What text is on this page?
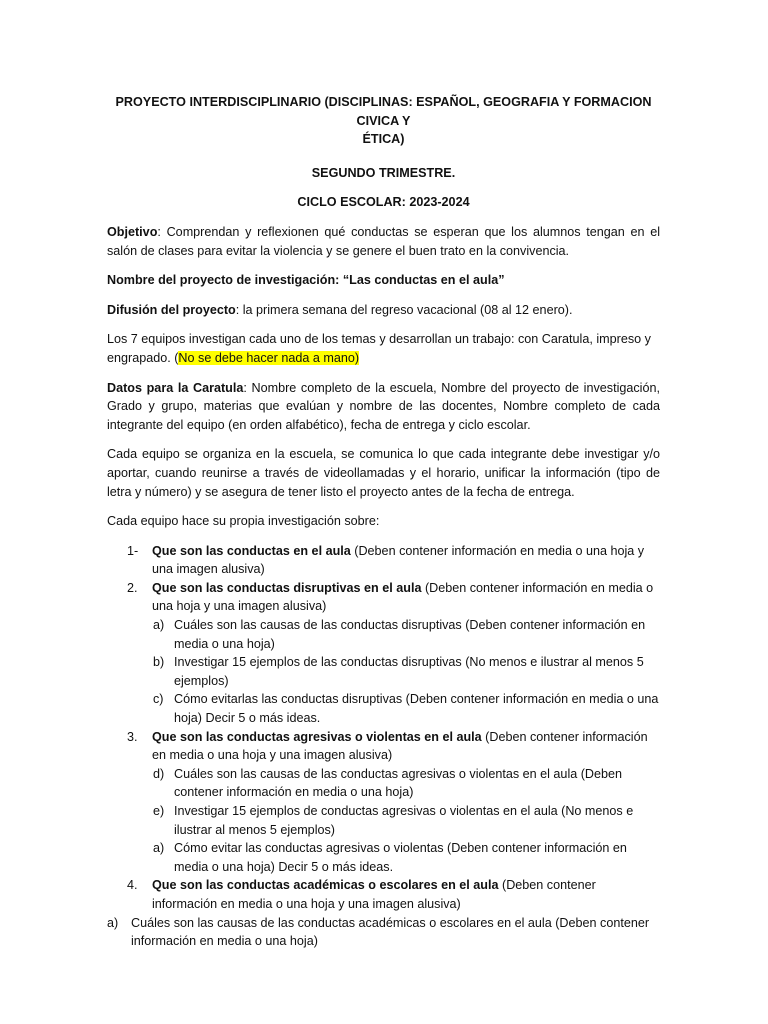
PROYECTO INTERDISCIPLINARIO (DISCIPLINAS: ESPAÑOL, GEOGRAFIA Y FORMACION CIVICA Y
ÉTICA)

SEGUNDO TRIMESTRE.

CICLO ESCOLAR: 2023-2024

Objetivo: Comprendan y reflexionen qué conductas se esperan que los alumnos tengan en el salón de clases para evitar la violencia y se genere el buen trato en la convivencia.

Nombre del proyecto de investigación: “Las conductas en el aula”

Difusión del proyecto: la primera semana del regreso vacacional (08 al 12 enero).

Los 7 equipos investigan cada uno de los temas y desarrollan un trabajo: con Caratula, impreso y engrapado. (No se debe hacer nada a mano)

Datos para la Caratula: Nombre completo de la escuela, Nombre del proyecto de investigación, Grado y grupo, materias que evalúan y nombre de las docentes, Nombre completo de cada integrante del equipo (en orden alfabético), fecha de entrega y ciclo escolar.

Cada equipo se organiza en la escuela, se comunica lo que cada integrante debe investigar y/o aportar, cuando reunirse a través de videollamadas y el horario, unificar la información (tipo de letra y número) y se asegura de tener listo el proyecto antes de la fecha de entrega.

Cada equipo hace su propia investigación sobre:

1- Que son las conductas en el aula (Deben contener información en media o una hoja y una imagen alusiva)
2. Que son las conductas disruptivas en el aula (Deben contener información en media o una hoja y una imagen alusiva)
a) Cuáles son las causas de las conductas disruptivas (Deben contener información en media o una hoja)
b) Investigar 15 ejemplos de las conductas disruptivas (No menos e ilustrar al menos 5 ejemplos)
c) Cómo evitarlas las conductas disruptivas (Deben contener información en media o una hoja) Decir 5 o más ideas.
3. Que son las conductas agresivas o violentas en el aula (Deben contener información en media o una hoja y una imagen alusiva)
d) Cuáles son las causas de las conductas agresivas o violentas en el aula (Deben contener información en media o una hoja)
e) Investigar 15 ejemplos de conductas agresivas o violentas en el aula (No menos e ilustrar al menos 5 ejemplos)
a) Cómo evitar las conductas agresivas o violentas (Deben contener información en media o una hoja) Decir 5 o más ideas.
4. Que son las conductas académicas o escolares en el aula (Deben contener información en media o una hoja y una imagen alusiva)
a) Cuáles son las causas de las conductas académicas o escolares en el aula (Deben contener información en media o una hoja)
